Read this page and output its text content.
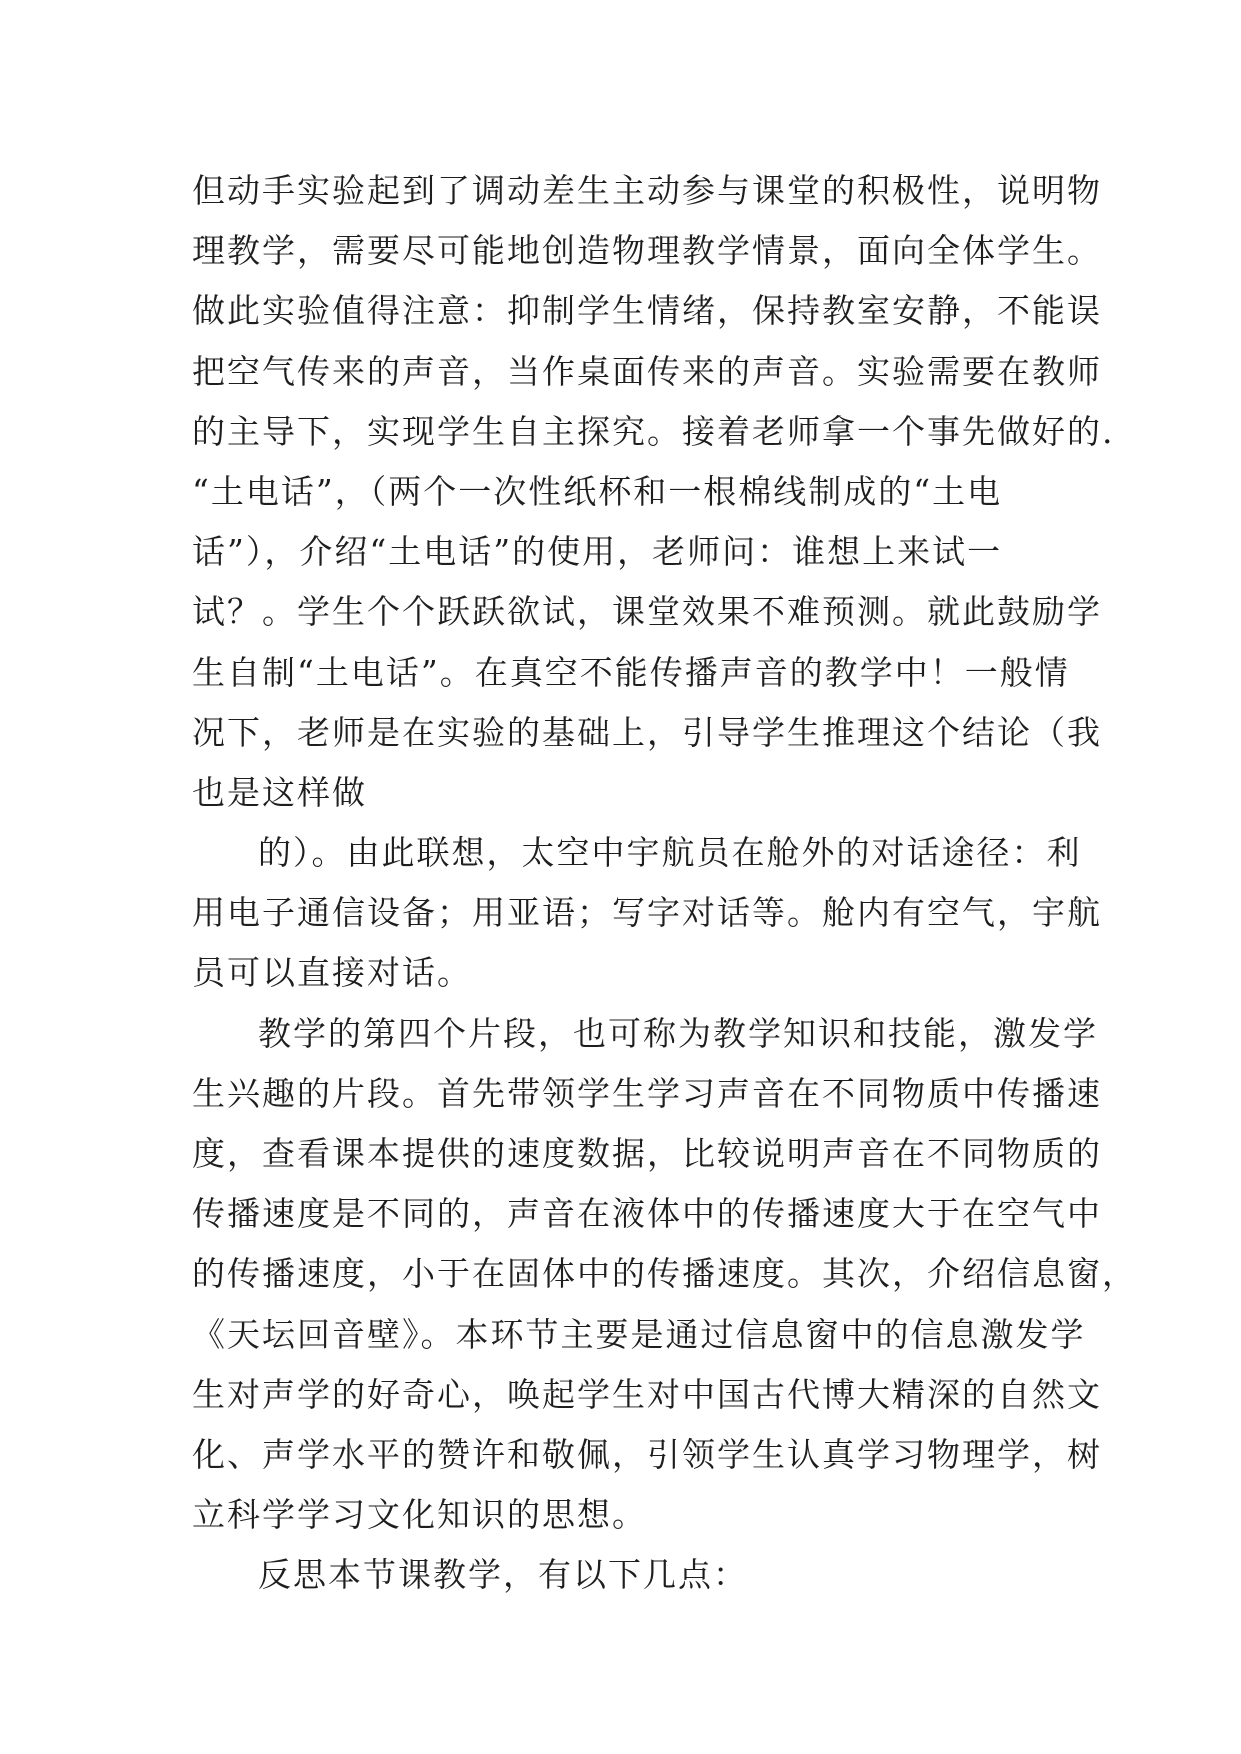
但动手实验起到了调动差生主动参与课堂的积极性，说明物
理教学，需要尽可能地创造物理教学情景，面向全体学生。
做此实验值得注意：抑制学生情绪，保持教室安静，不能误
把空气传来的声音，当作桌面传来的声音。实验需要在教师
的主导下，实现学生自主探究。接着老师拿一个事先做好的.
“土电话”，（两个一次性纸杯和一根棉线制成的“土电
话”），介绍“土电话”的使用，老师问：谁想上来试一
试？。学生个个跃跃欲试，课堂效果不难预测。就此鼓励学
生自制“土电话”。在真空不能传播声音的教学中！一般情
况下，老师是在实验的基础上，引导学生推理这个结论（我
也是这样做
的）。由此联想，太空中宇航员在舱外的对话途径：利
用电子通信设备；用亚语；写字对话等。舱内有空气，宇航
员可以直接对话。
教学的第四个片段，也可称为教学知识和技能，激发学
生兴趣的片段。首先带领学生学习声音在不同物质中传播速
度，查看课本提供的速度数据，比较说明声音在不同物质的
传播速度是不同的，声音在液体中的传播速度大于在空气中
的传播速度，小于在固体中的传播速度。其次，介绍信息窗，
《天坛回音壁》。本环节主要是通过信息窗中的信息激发学
生对声学的好奇心，唤起学生对中国古代博大精深的自然文
化、声学水平的赞许和敬佩，引领学生认真学习物理学，树
立科学学习文化知识的思想。
反思本节课教学，有以下几点：
